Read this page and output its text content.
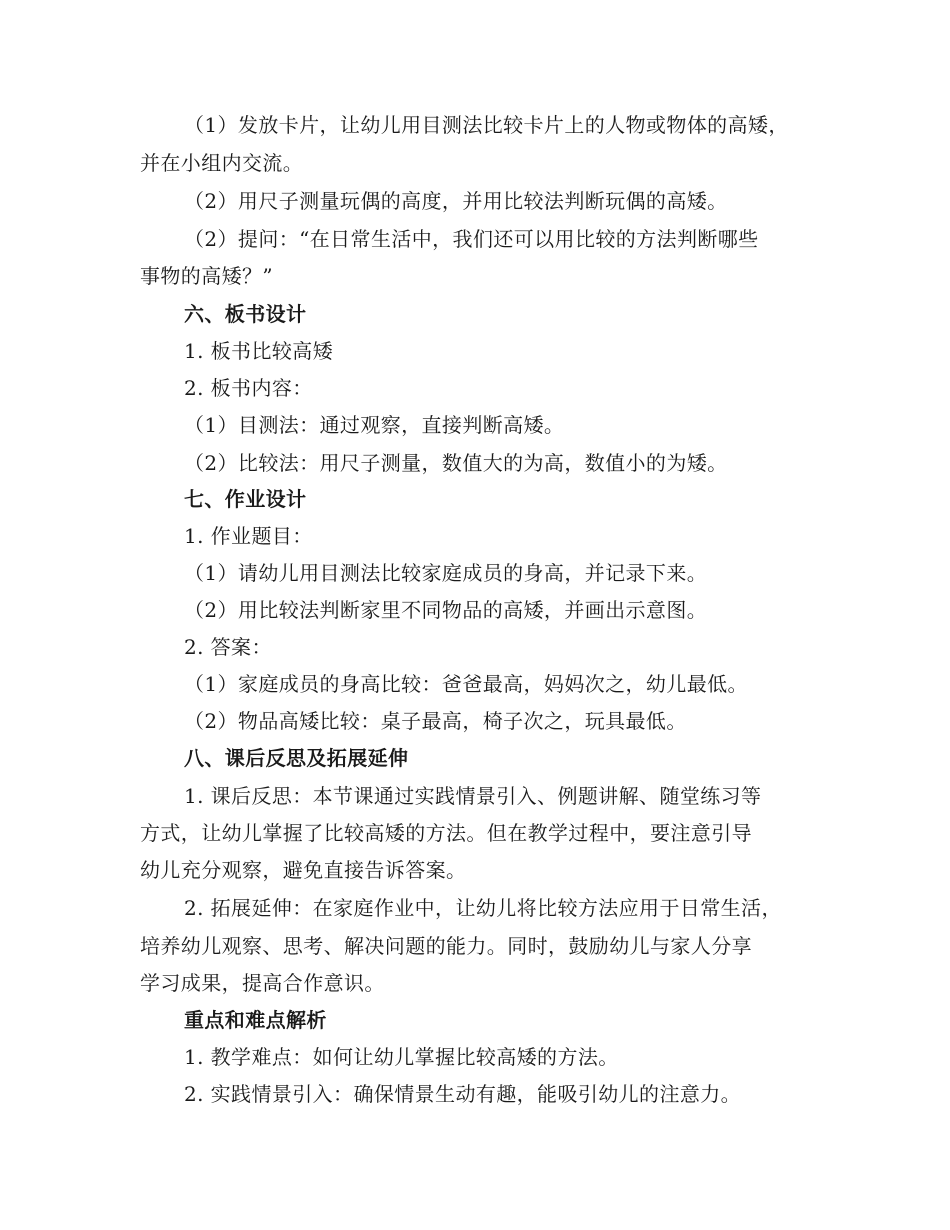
（1）发放卡片，让幼儿用目测法比较卡片上的人物或物体的高矮，
并在小组内交流。
（2）用尺子测量玩偶的高度，并用比较法判断玩偶的高矮。
（2）提问：“在日常生活中，我们还可以用比较的方法判断哪些
事物的高矮？”
六、板书设计
1. 板书比较高矮
2. 板书内容：
（1）目测法：通过观察，直接判断高矮。
（2）比较法：用尺子测量，数值大的为高，数值小的为矮。
七、作业设计
1. 作业题目：
（1）请幼儿用目测法比较家庭成员的身高，并记录下来。
（2）用比较法判断家里不同物品的高矮，并画出示意图。
2. 答案：
（1）家庭成员的身高比较：爸爸最高，妈妈次之，幼儿最低。
（2）物品高矮比较：桌子最高，椅子次之，玩具最低。
八、课后反思及拓展延伸
1. 课后反思：本节课通过实践情景引入、例题讲解、随堂练习等
方式，让幼儿掌握了比较高矮的方法。但在教学过程中，要注意引导
幼儿充分观察，避免直接告诉答案。
2. 拓展延伸：在家庭作业中，让幼儿将比较方法应用于日常生活，
培养幼儿观察、思考、解决问题的能力。同时，鼓励幼儿与家人分享
学习成果，提高合作意识。
重点和难点解析
1. 教学难点：如何让幼儿掌握比较高矮的方法。
2. 实践情景引入：确保情景生动有趣，能吸引幼儿的注意力。
